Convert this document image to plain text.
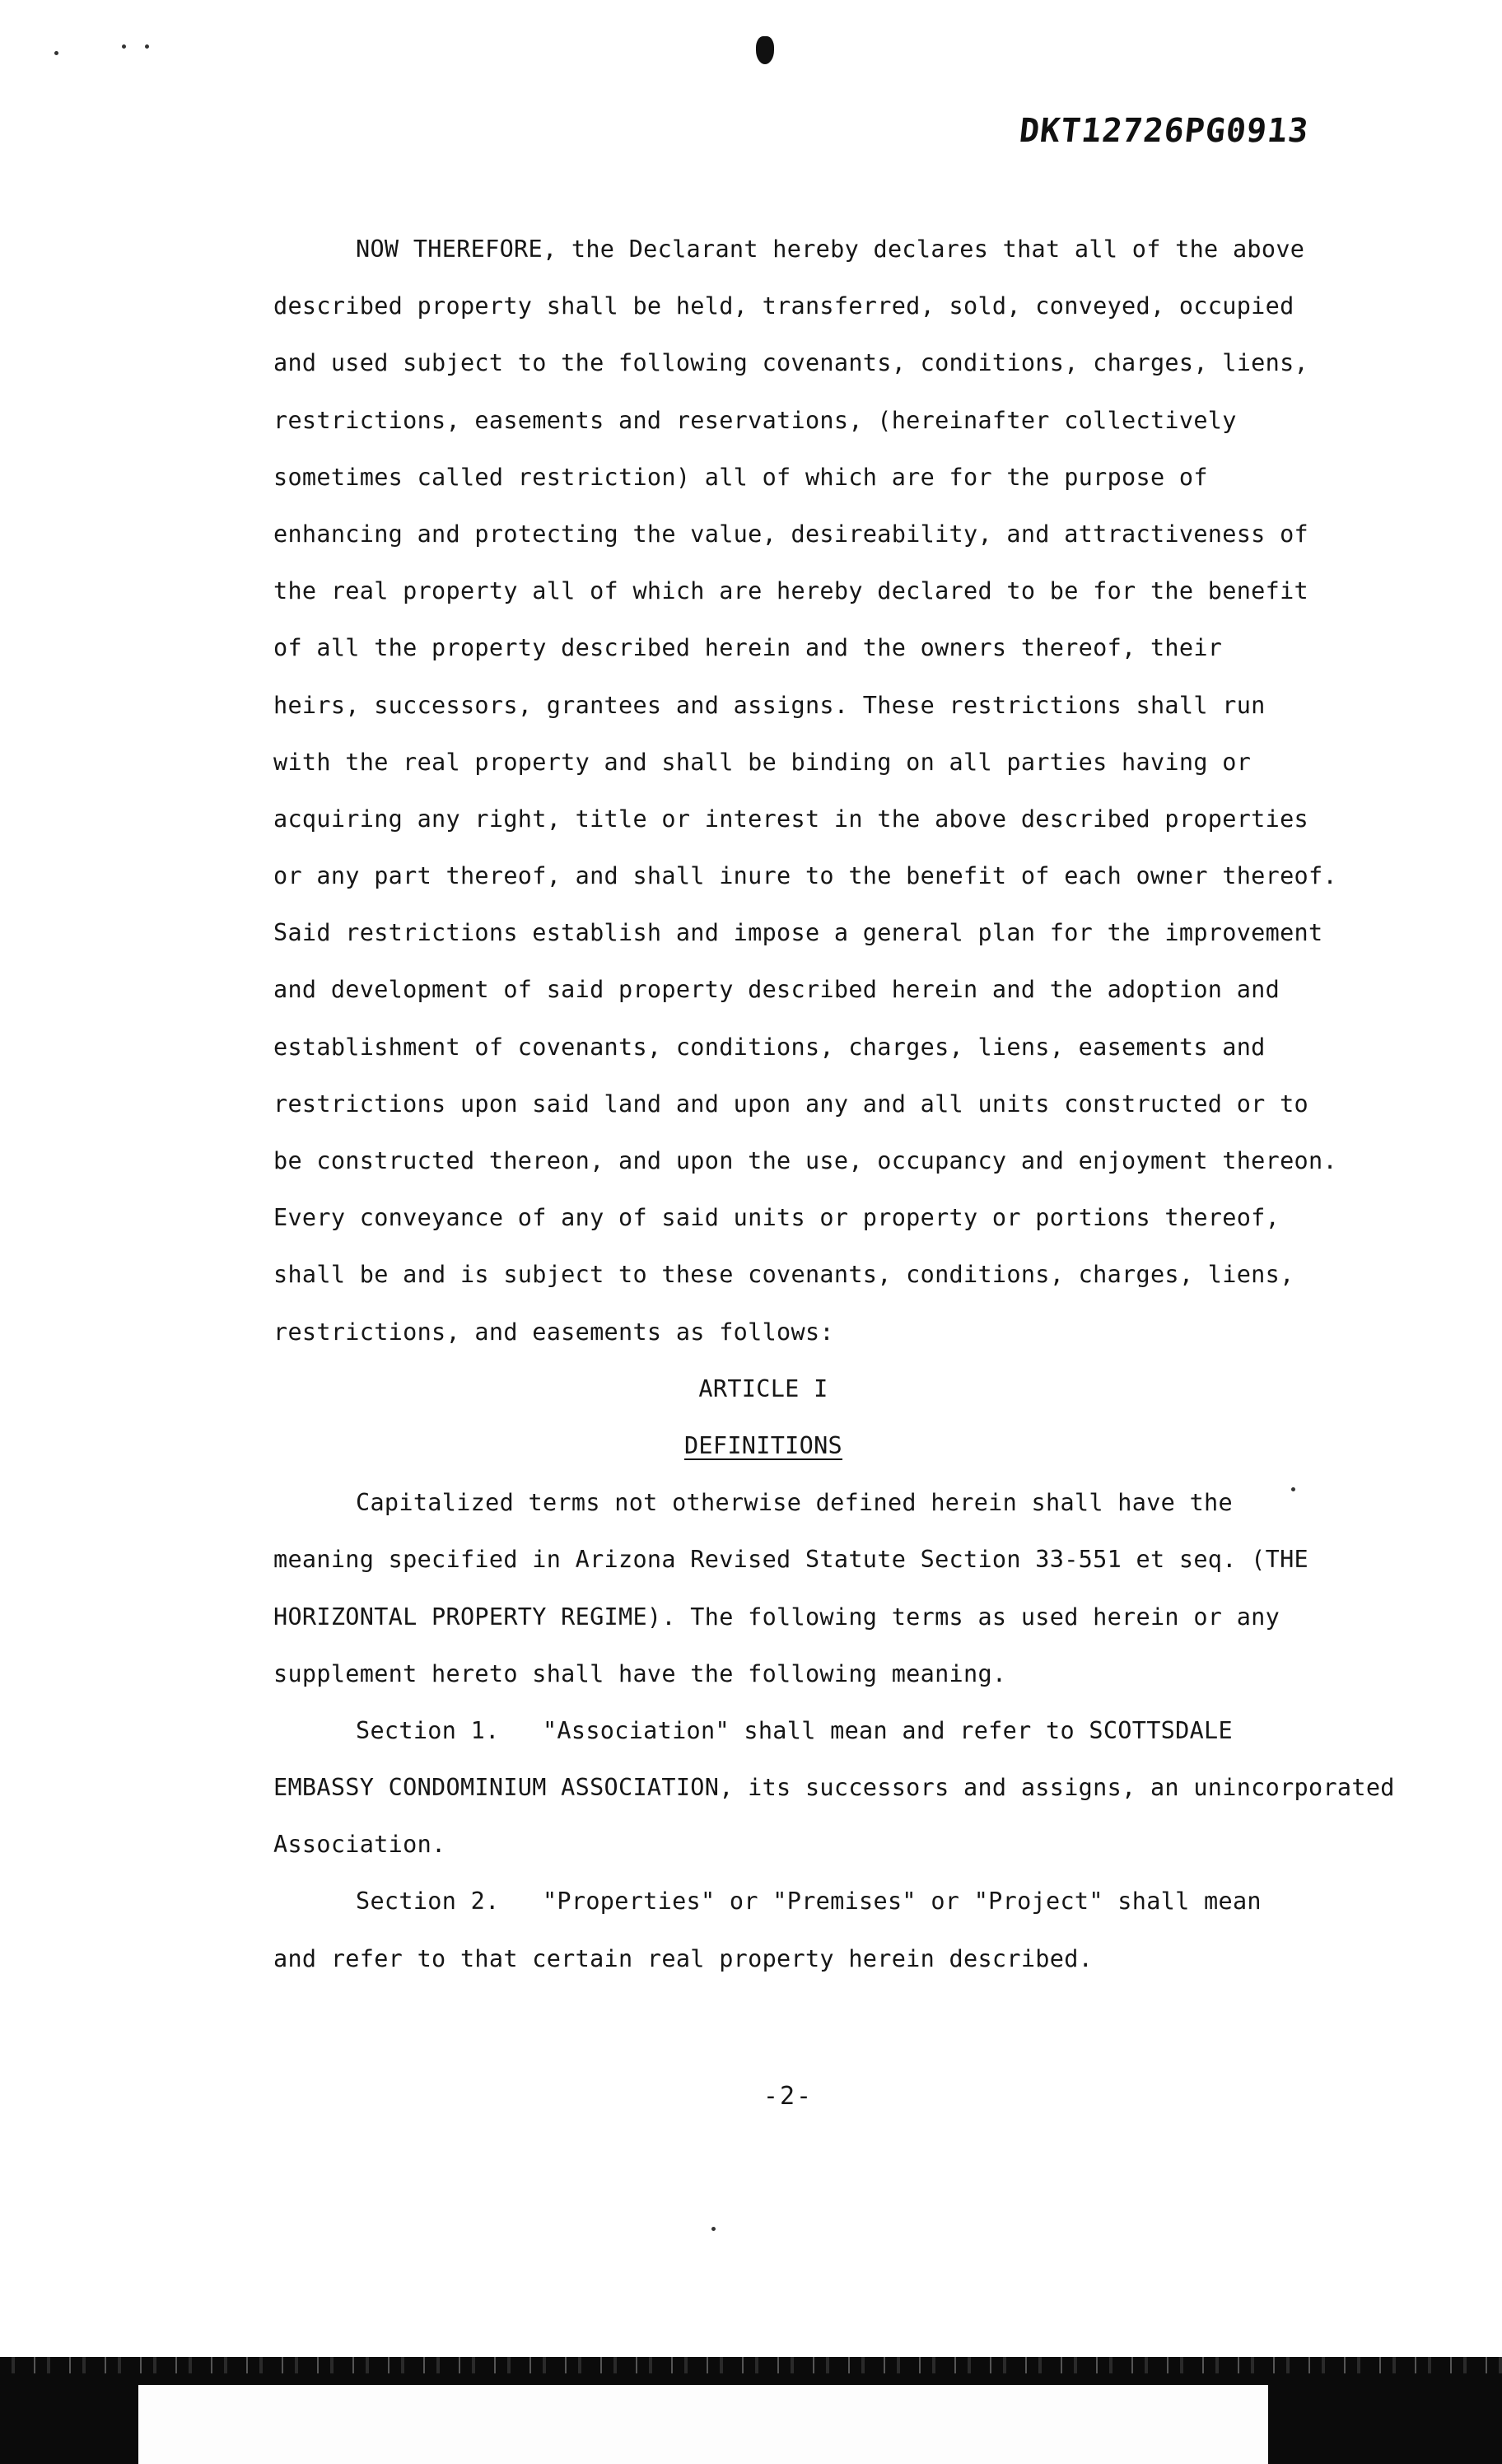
DKT12726PG0913
NOW THEREFORE, the Declarant hereby declares that all of the above
described property shall be held, transferred, sold, conveyed, occupied
and used subject to the following covenants, conditions, charges, liens,
restrictions, easements and reservations, (hereinafter collectively
sometimes called restriction) all of which are for the purpose of
enhancing and protecting the value, desireability, and attractiveness of
the real property all of which are hereby declared to be for the benefit
of all the property described herein and the owners thereof, their
heirs, successors, grantees and assigns. These restrictions shall run
with the real property and shall be binding on all parties having or
acquiring any right, title or interest in the above described properties
or any part thereof, and shall inure to the benefit of each owner thereof.
Said restrictions establish and impose a general plan for the improvement
and development of said property described herein and the adoption and
establishment of covenants, conditions, charges, liens, easements and
restrictions upon said land and upon any and all units constructed or to
be constructed thereon, and upon the use, occupancy and enjoyment thereon.
Every conveyance of any of said units or property or portions thereof,
shall be and is subject to these covenants, conditions, charges, liens,
restrictions, and easements as follows:
ARTICLE I
DEFINITIONS
Capitalized terms not otherwise defined herein shall have the
meaning specified in Arizona Revised Statute Section 33-551 et seq. (THE
HORIZONTAL PROPERTY REGIME). The following terms as used herein or any
supplement hereto shall have the following meaning.
Section 1.   "Association" shall mean and refer to SCOTTSDALE
EMBASSY CONDOMINIUM ASSOCIATION, its successors and assigns, an unincorporated
Association.
Section 2.   "Properties" or "Premises" or "Project" shall mean
and refer to that certain real property herein described.
-2-
